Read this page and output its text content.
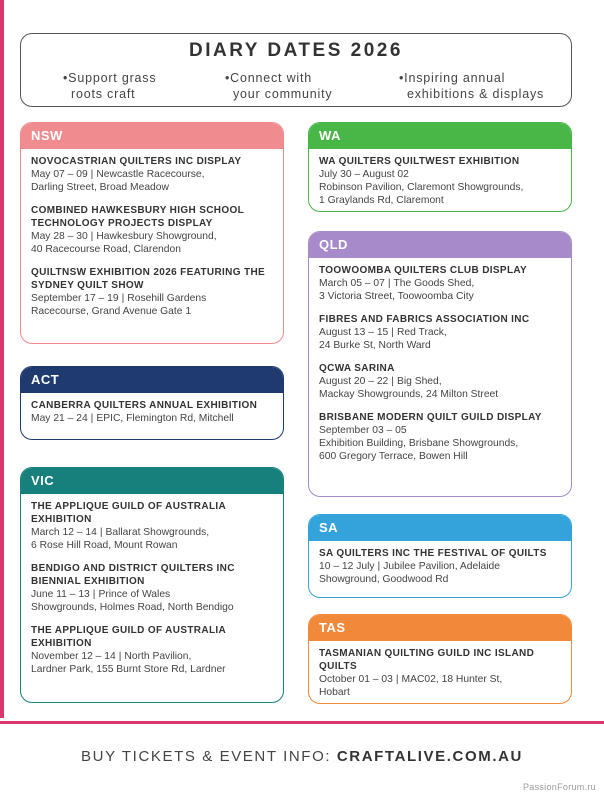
DIARY DATES 2026
•Support grass
roots craft
•Connect with
your community
•Inspiring annual
exhibitions & displays
NSW
NOVOCASTRIAN QUILTERS INC DISPLAY
May 07 – 09 | Newcastle Racecourse,
Darling Street, Broad Meadow
COMBINED HAWKESBURY HIGH SCHOOL TECHNOLOGY PROJECTS DISPLAY
May 28 – 30 | Hawkesbury Showground,
40 Racecourse Road, Clarendon
QUILTNSW EXHIBITION 2026 FEATURING THE SYDNEY QUILT SHOW
September 17 – 19 | Rosehill Gardens
Racecourse, Grand Avenue Gate 1
ACT
CANBERRA QUILTERS ANNUAL EXHIBITION
May 21 – 24 | EPIC, Flemington Rd, Mitchell
VIC
THE APPLIQUE GUILD OF AUSTRALIA EXHIBITION
March 12 – 14 | Ballarat Showgrounds,
6 Rose Hill Road, Mount Rowan
BENDIGO AND DISTRICT QUILTERS INC BIENNIAL EXHIBITION
June 11 – 13 | Prince of Wales
Showgrounds, Holmes Road, North Bendigo
THE APPLIQUE GUILD OF AUSTRALIA EXHIBITION
November 12 – 14 | North Pavilion,
Lardner Park, 155 Burnt Store Rd, Lardner
WA
WA QUILTERS QUILTWEST EXHIBITION
July 30 – August 02
Robinson Pavilion, Claremont Showgrounds,
1 Graylands Rd, Claremont
QLD
TOOWOOMBA QUILTERS CLUB DISPLAY
March 05 – 07 | The Goods Shed,
3 Victoria Street, Toowoomba City
FIBRES AND FABRICS ASSOCIATION INC
August 13 – 15 | Red Track,
24 Burke St, North Ward
QCWA SARINA
August 20 – 22 | Big Shed,
Mackay Showgrounds, 24 Milton Street
BRISBANE MODERN QUILT GUILD DISPLAY
September 03 – 05
Exhibition Building, Brisbane Showgrounds,
600 Gregory Terrace, Bowen Hill
SA
SA QUILTERS INC THE FESTIVAL OF QUILTS
10 – 12 July | Jubilee Pavilion, Adelaide
Showground, Goodwood Rd
TAS
TASMANIAN QUILTING GUILD INC ISLAND QUILTS
October 01 – 03 | MAC02, 18 Hunter St,
Hobart
BUY TICKETS & EVENT INFO: CRAFTALIVE.COM.AU
PassionForum.ru
